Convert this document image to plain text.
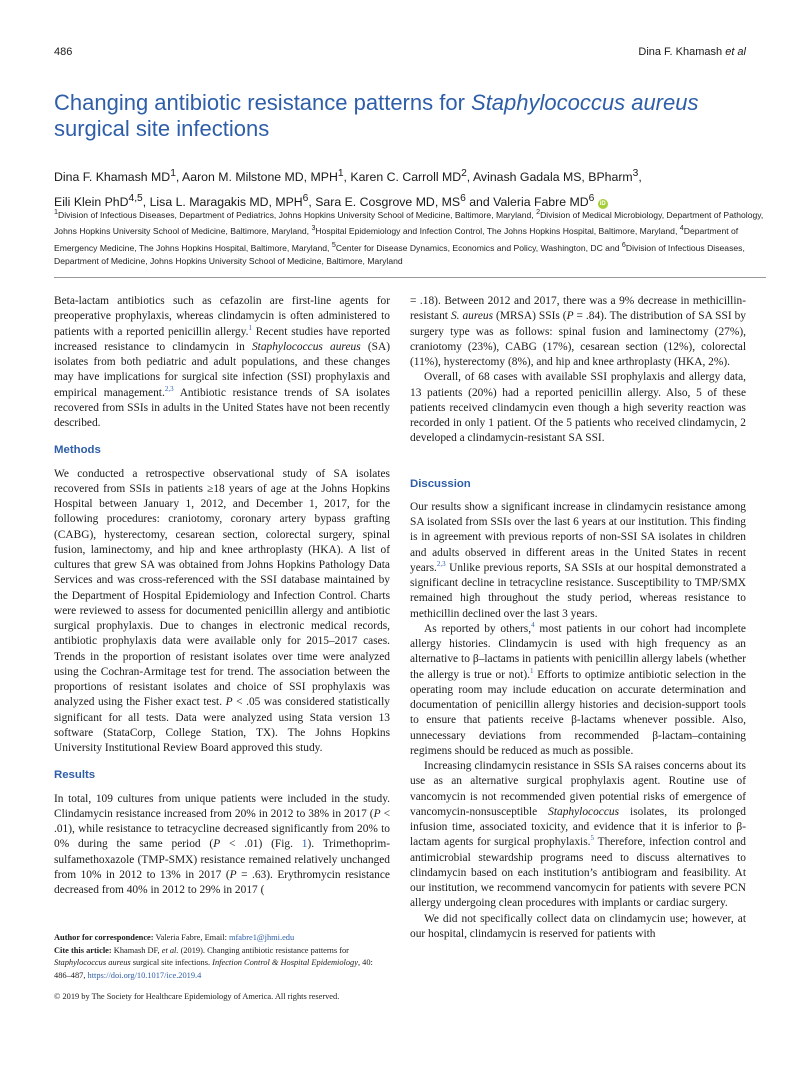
486	Dina F. Khamash et al
Changing antibiotic resistance patterns for Staphylococcus aureus surgical site infections
Dina F. Khamash $MD^1$, Aaron M. Milstone MD, MPH$^1$, Karen C. Carroll $MD^2$, Avinash Gadala MS, BPharm$^3$,
Eili Klein PhD$^{4,5}$, Lisa L. Maragakis MD, MPH$^6$, Sara E. Cosgrove MD, $MS^6$ and Valeria Fabre $MD^6$ iD
$^1$Division of Infectious Diseases, Department of Pediatrics, Johns Hopkins University School of Medicine, Baltimore, Maryland, $^2$Division of Medical Microbiology, Department of Pathology, Johns Hopkins University School of Medicine, Baltimore, Maryland, $^3$Hospital Epidemiology and Infection Control, The Johns Hopkins Hospital, Baltimore, Maryland, $^4$Department of Emergency Medicine, The Johns Hopkins Hospital, Baltimore, Maryland, $^5$Center for Disease Dynamics, Economics and Policy, Washington, DC and $^6$Division of Infectious Diseases, Department of Medicine, Johns Hopkins University School of Medicine, Baltimore, Maryland

Beta-lactam antibiotics such as cefazolin are first-line agents for preoperative prophylaxis, whereas clindamycin is often administered to patients with a reported penicillin allergy.$^1$ Recent studies have reported increased resistance to clindamycin in Staphylococcus aureus (SA) isolates from both pediatric and adult populations, and these changes may have implications for surgical site infection (SSI) prophylaxis and empirical management.$^{2,3}$ Antibiotic resistance trends of SA isolates recovered from SSIs in adults in the United States have not been recently described.

Methods

We conducted a retrospective observational study of SA isolates recovered from SSIs in patients ≥18 years of age at the Johns Hopkins Hospital between January 1, 2012, and December 1, 2017, for the following procedures: craniotomy, coronary artery bypass grafting (CABG), hysterectomy, cesarean section, colorectal surgery, spinal fusion, laminectomy, and hip and knee arthroplasty (HKA). A list of cultures that grew SA was obtained from Johns Hopkins Pathology Data Services and was cross-referenced with the SSI database maintained by the Department of Hospital Epidemiology and Infection Control. Charts were reviewed to assess for documented penicillin allergy and antibiotic surgical prophylaxis. Due to changes in electronic medical records, antibiotic prophylaxis data were available only for 2015–2017 cases. Trends in the proportion of resistant isolates over time were analyzed using the Cochran-Armitage test for trend. The association between the proportions of resistant isolates and choice of SSI prophylaxis was analyzed using the Fisher exact test. P < .05 was considered statistically significant for all tests. Data were analyzed using Stata version 13 software (StataCorp, College Station, TX). The Johns Hopkins University Institutional Review Board approved this study.

Results

In total, 109 cultures from unique patients were included in the study. Clindamycin resistance increased from 20% in 2012 to 38% in 2017 (P < .01), while resistance to tetracycline decreased significantly from 20% to 0% during the same period (P < .01) (Fig. 1). Trimethoprim-sulfamethoxazole (TMP-SMX) resistance remained relatively unchanged from 10% in 2012 to 13% in 2017 (P = .63). Erythromycin resistance decreased from 40% in 2012 to 29% in 2017 (

= .18). Between 2012 and 2017, there was a 9% decrease in methicillin-resistant S. aureus (MRSA) SSIs (P = .84). The distribution of SA SSI by surgery type was as follows: spinal fusion and laminectomy (27%), craniotomy (23%), CABG (17%), cesarean section (12%), colorectal (11%), hysterectomy (8%), and hip and knee arthroplasty (HKA, 2%).

Overall, of 68 cases with available SSI prophylaxis and allergy data, 13 patients (20%) had a reported penicillin allergy. Also, 5 of these patients received clindamycin even though a high severity reaction was recorded in only 1 patient. Of the 5 patients who received clindamycin, 2 developed a clindamycin-resistant SA SSI.

Discussion

Our results show a significant increase in clindamycin resistance among SA isolated from SSIs over the last 6 years at our institution. This finding is in agreement with previous reports of non-SSI SA isolates in children and adults observed in different areas in the United States in recent years.$^{2,3}$ Unlike previous reports, SA SSIs at our hospital demonstrated a significant decline in tetracycline resistance. Susceptibility to TMP/SMX remained high throughout the study period, whereas resistance to methicillin declined over the last 3 years.

As reported by others,$^4$ most patients in our cohort had incomplete allergy histories. Clindamycin is used with high frequency as an alternative to β–lactams in patients with penicillin allergy labels (whether the allergy is true or not).$^1$ Efforts to optimize antibiotic selection in the operating room may include education on accurate determination and documentation of penicillin allergy histories and decision-support tools to ensure that patients receive β-lactams whenever possible. Also, unnecessary deviations from recommended β-lactam–containing regimens should be reduced as much as possible.

Increasing clindamycin resistance in SSIs SA raises concerns about its use as an alternative surgical prophylaxis agent. Routine use of vancomycin is not recommended given potential risks of emergence of vancomycin-nonsusceptible Staphylococcus isolates, its prolonged infusion time, associated toxicity, and evidence that it is inferior to β-lactam agents for surgical prophylaxis.$^5$ Therefore, infection control and antimicrobial stewardship programs need to discuss alternatives to clindamycin based on each institution’s antibiogram and feasibility. At our institution, we recommend vancomycin for patients with severe PCN allergy undergoing clean procedures with implants or cardiac surgery.

We did not specifically collect data on clindamycin use; however, at our hospital, clindamycin is reserved for patients with

Author for correspondence: Valeria Fabre, Email: mfabre1@jhmi.edu
Cite this article: Khamash DF, et al. (2019). Changing antibiotic resistance patterns for Staphylococcus aureus surgical site infections. Infection Control & Hospital Epidemiology, 40: 486–487, https://doi.org/10.1017/ice.2019.4
© 2019 by The Society for Healthcare Epidemiology of America. All rights reserved.
